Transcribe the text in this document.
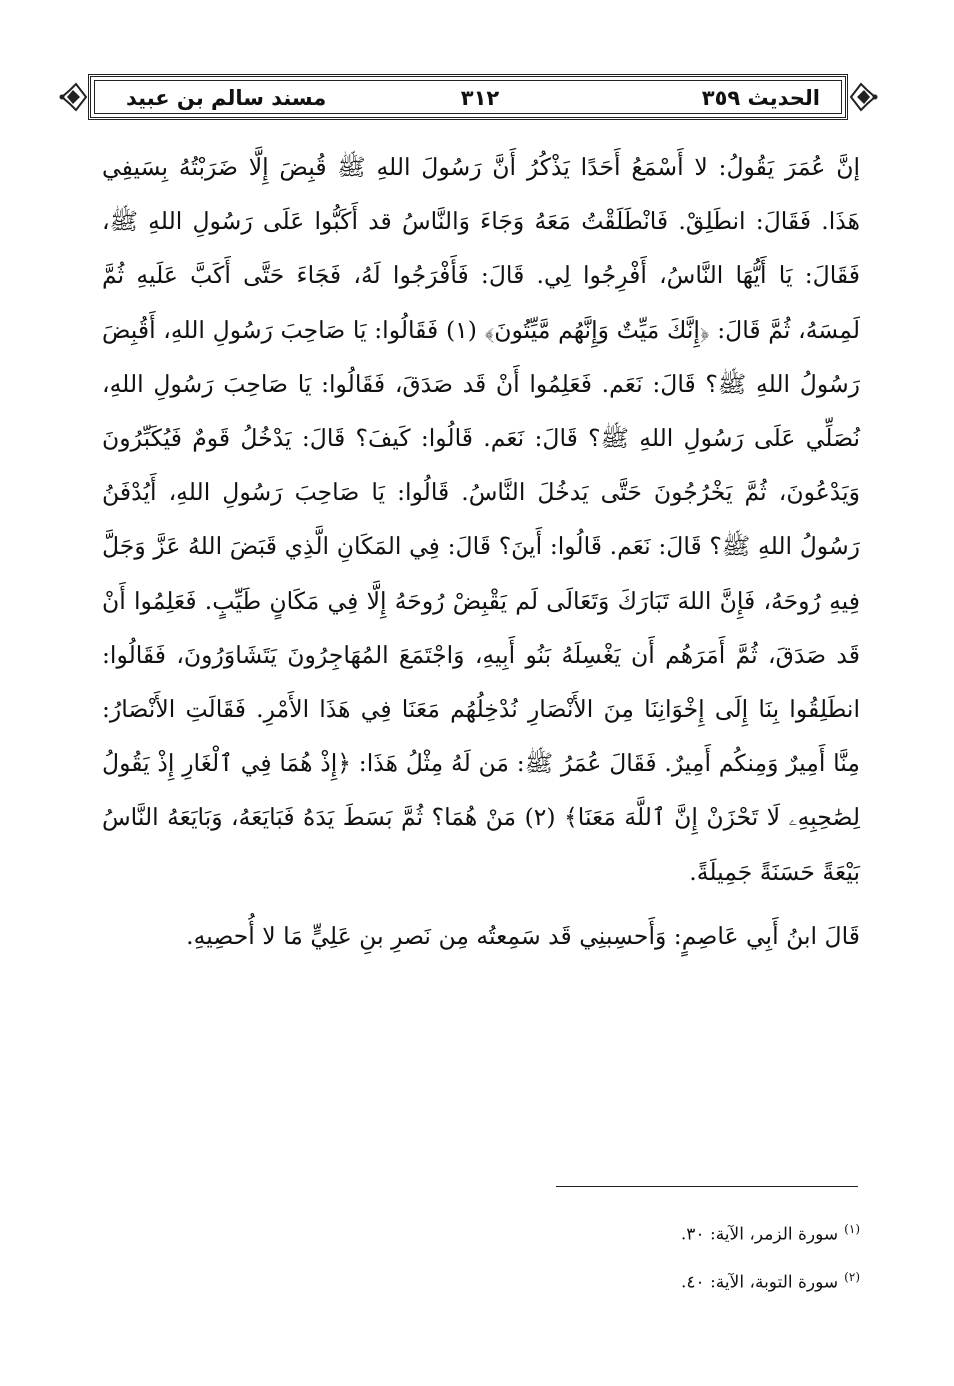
الحديث ٣٥٩
٣١٢
مسند سالم بن عبيد

إنَّ عُمَرَ يَقُولُ: لا أَسْمَعُ أَحَدًا يَذْكُرُ أَنَّ رَسُولَ اللهِ ﷺ قُبِضَ إِلَّا ضَرَبْتُهُ بِسَيفِي هَذَا. فَقَالَ: انطَلِقْ. فَانْطَلَقْتُ مَعَهُ وَجَاءَ وَالنَّاسُ قد أَكَبُّوا عَلَى رَسُولِ اللهِ ﷺ، فَقَالَ: يَا أَيُّهَا النَّاسُ، أَفْرِجُوا لِي. قَالَ: فَأَفْرَجُوا لَهُ، فَجَاءَ حَتَّى أَكَبَّ عَلَيهِ ثُمَّ لَمِسَهُ، ثُمَّ قَالَ: ﴿إِنَّكَ مَيِّتٌ وَإِنَّهُم مَّيِّتُونَ﴾ (١) فَقَالُوا: يَا صَاحِبَ رَسُولِ اللهِ، أَقُبِضَ رَسُولُ اللهِ ﷺ؟ قَالَ: نَعَم. فَعَلِمُوا أَنْ قَد صَدَقَ، فَقَالُوا: يَا صَاحِبَ رَسُولِ اللهِ، نُصَلِّي عَلَى رَسُولِ اللهِ ﷺ؟ قَالَ: نَعَم. قَالُوا: كَيفَ؟ قَالَ: يَدْخُلُ قَومٌ فَيُكَبِّرُونَ وَيَدْعُونَ، ثُمَّ يَخْرُجُونَ حَتَّى يَدخُلَ النَّاسُ. قَالُوا: يَا صَاحِبَ رَسُولِ اللهِ، أَيُدْفَنُ رَسُولُ اللهِ ﷺ؟ قَالَ: نَعَم. قَالُوا: أَينَ؟ قَالَ: فِي المَكَانِ الَّذِي قَبَضَ اللهُ عَزَّ وَجَلَّ فِيهِ رُوحَهُ، فَإِنَّ اللهَ تَبَارَكَ وَتَعَالَى لَم يَقْبِضْ رُوحَهُ إِلَّا فِي مَكَانٍ طَيِّبٍ. فَعَلِمُوا أَنْ قَد صَدَقَ، ثُمَّ أَمَرَهُم أَن يَغْسِلَهُ بَنُو أَبِيهِ، وَاجْتَمَعَ المُهَاجِرُونَ يَتَشَاوَرُونَ، فَقَالُوا: انطَلِقُوا بِنَا إِلَى إِخْوَانِنَا مِنَ الأَنْصَارِ نُدْخِلُهُم مَعَنَا فِي هَذَا الأَمْرِ. فَقَالَتِ الأَنْصَارُ: مِنَّا أَمِيرٌ وَمِنكُم أَمِيرٌ. فَقَالَ عُمَرُ ﷺ: مَن لَهُ مِثْلُ هَذَا: ﴿إِذْ هُمَا فِي ٱلْغَارِ إِذْ يَقُولُ لِصَٰحِبِهِۦ لَا تَحْزَنْ إِنَّ ٱللَّهَ مَعَنَا﴾ (٢) مَنْ هُمَا؟ ثُمَّ بَسَطَ يَدَهُ فَبَايَعَهُ، وَبَايَعَهُ النَّاسُ بَيْعَةً حَسَنَةً جَمِيلَةً.

قَالَ ابنُ أَبِي عَاصِمٍ: وَأَحسِبنِي قَد سَمِعتُه مِن نَصرِ بنِ عَلِيٍّ مَا لا أُحصِيهِ.

$^{(١)}$سورة الزمر، الآية: ٣٠.
$^{(٢)}$سورة التوبة، الآية: ٤٠.
